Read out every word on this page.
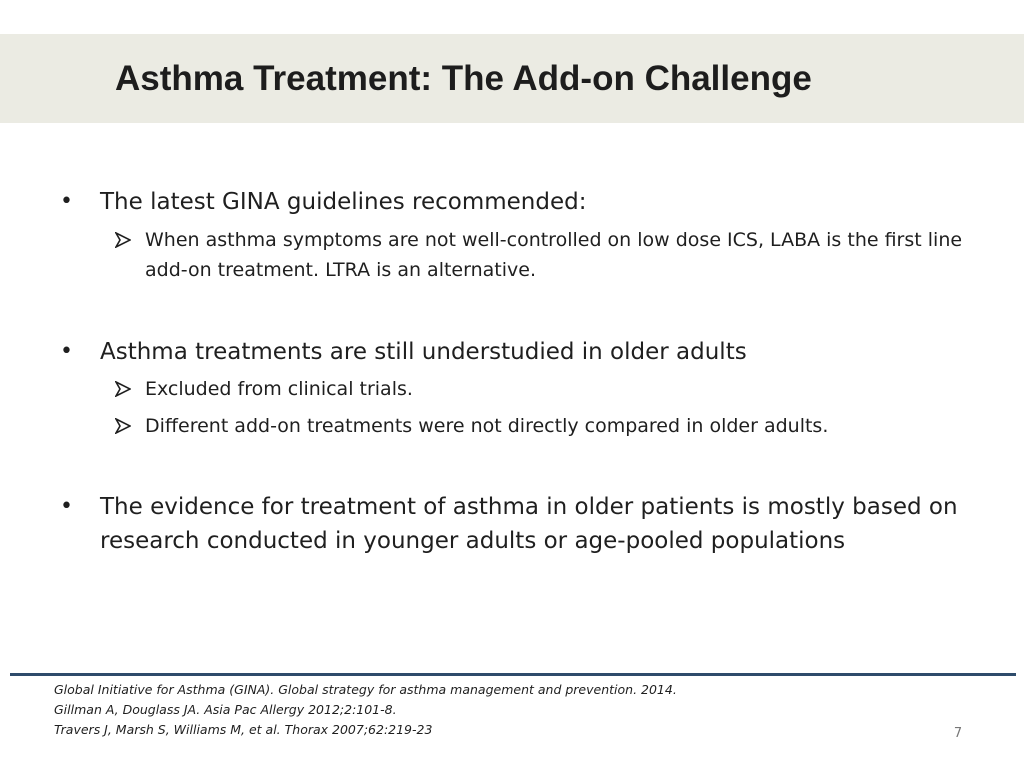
Asthma Treatment: The Add-on Challenge
• The latest GINA guidelines recommended:
When asthma symptoms are not well-controlled on low dose ICS, LABA is the first line add-on treatment. LTRA is an alternative.
• Asthma treatments are still understudied in older adults
Excluded from clinical trials.
Different add-on treatments were not directly compared in older adults.
• The evidence for treatment of asthma in older patients is mostly based on research conducted in younger adults or age-pooled populations
Global Initiative for Asthma (GINA). Global strategy for asthma management and prevention. 2014.
Gillman A, Douglass JA. Asia Pac Allergy 2012;2:101-8.
Travers J, Marsh S, Williams M, et al. Thorax 2007;62:219-23	7
